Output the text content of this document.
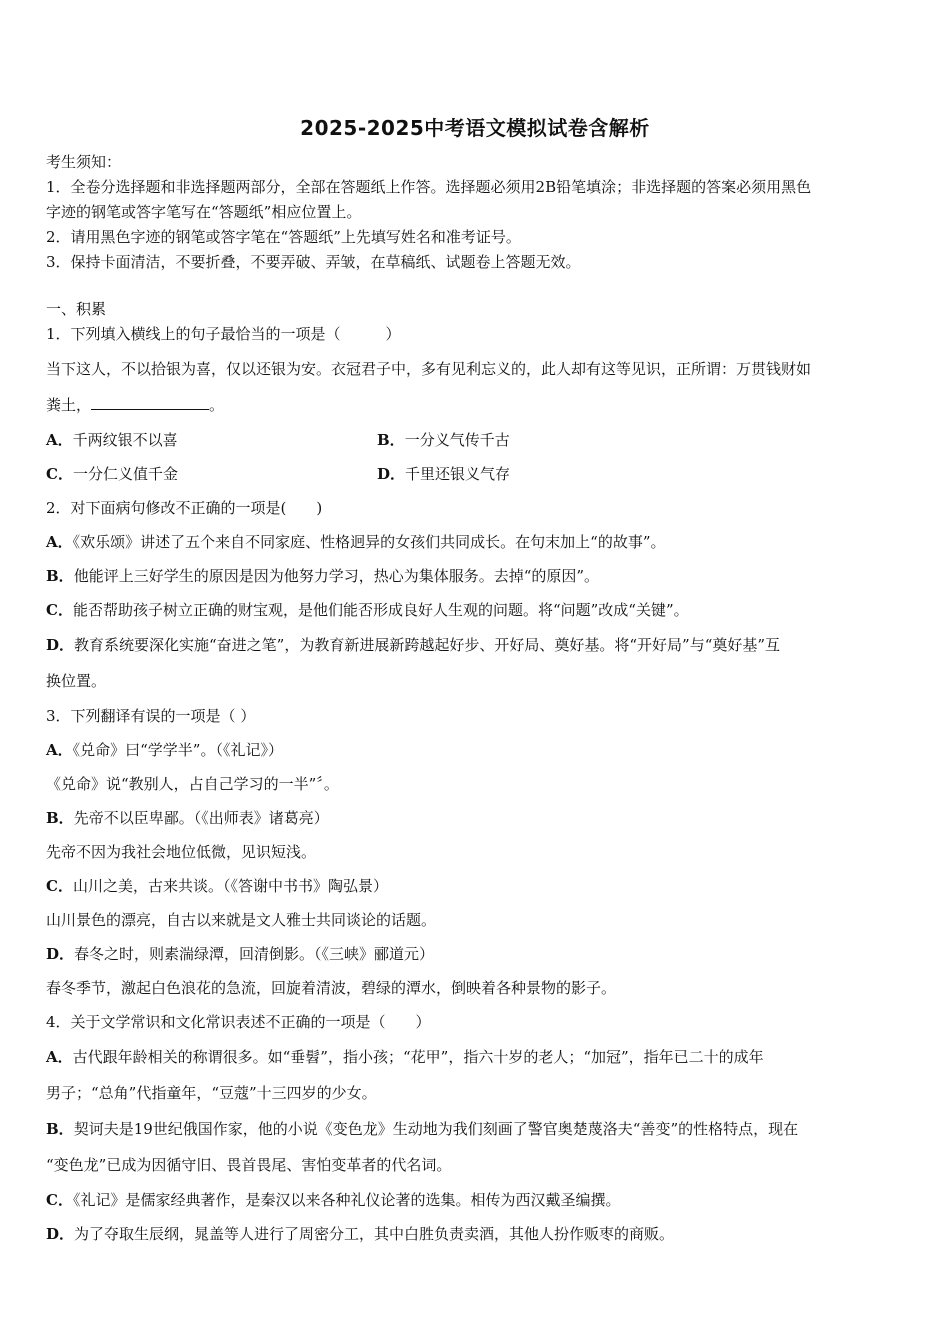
2025-2025中考语文模拟试卷含解析
考生须知：
1．全卷分选择题和非选择题两部分，全部在答题纸上作答。选择题必须用2B铅笔填涂；非选择题的答案必须用黑色
字迹的钢笔或答字笔写在“答题纸”相应位置上。
2．请用黑色字迹的钢笔或答字笔在“答题纸”上先填写姓名和准考证号。
3．保持卡面清洁，不要折叠，不要弄破、弄皱，在草稿纸、试题卷上答题无效。
一、积累
1．下列填入横线上的句子最恰当的一项是（　　　）
当下这人，不以拾银为喜，仅以还银为安。衣冠君子中，多有见利忘义的，此人却有这等见识，正所谓：万贯钱财如
粪土，	。
A．千两纹银不以喜	B．一分义气传千古
C．一分仁义值千金	D．千里还银义气存
2．对下面病句修改不正确的一项是(　　)
A．《欢乐颂》讲述了五个来自不同家庭、性格迥异的女孩们共同成长。在句末加上“的故事”。
B．他能评上三好学生的原因是因为他努力学习，热心为集体服务。去掉“的原因”。
C．能否帮助孩子树立正确的财宝观，是他们能否形成良好人生观的问题。将“问题”改成“关键”。
D．教育系统要深化实施“奋进之笔”，为教育新进展新跨越起好步、开好局、奠好基。将“开好局”与“奠好基”互
换位置。
3．下列翻译有误的一项是（ ）
A．《兑命》曰“学学半”。（《礼记》）
《兑命》说“教别人，占自己学习的一半”〞。
B．先帝不以臣卑鄙。（《出师表》诸葛亮）
先帝不因为我社会地位低微，见识短浅。
C．山川之美，古来共谈。（《答谢中书书》陶弘景）
山川景色的漂亮，自古以来就是文人雅士共同谈论的话题。
D．春冬之时，则素湍绿潭，回清倒影。（《三峡》郦道元）
春冬季节，激起白色浪花的急流，回旋着清波，碧绿的潭水，倒映着各种景物的影子。
4．关于文学常识和文化常识表述不正确的一项是（　　）
A．古代跟年龄相关的称谓很多。如“垂髫”，指小孩；“花甲”，指六十岁的老人；“加冠”，指年已二十的成年
男子；“总角”代指童年，“豆蔻”十三四岁的少女。
B．契诃夫是19世纪俄国作家，他的小说《变色龙》生动地为我们刻画了警官奥楚蔑洛夫“善变”的性格特点，现在
“变色龙”已成为因循守旧、畏首畏尾、害怕变革者的代名词。
C．《礼记》是儒家经典著作，是秦汉以来各种礼仪论著的选集。相传为西汉戴圣编撰。
D．为了夺取生辰纲，晁盖等人进行了周密分工，其中白胜负责卖酒，其他人扮作贩枣的商贩。
